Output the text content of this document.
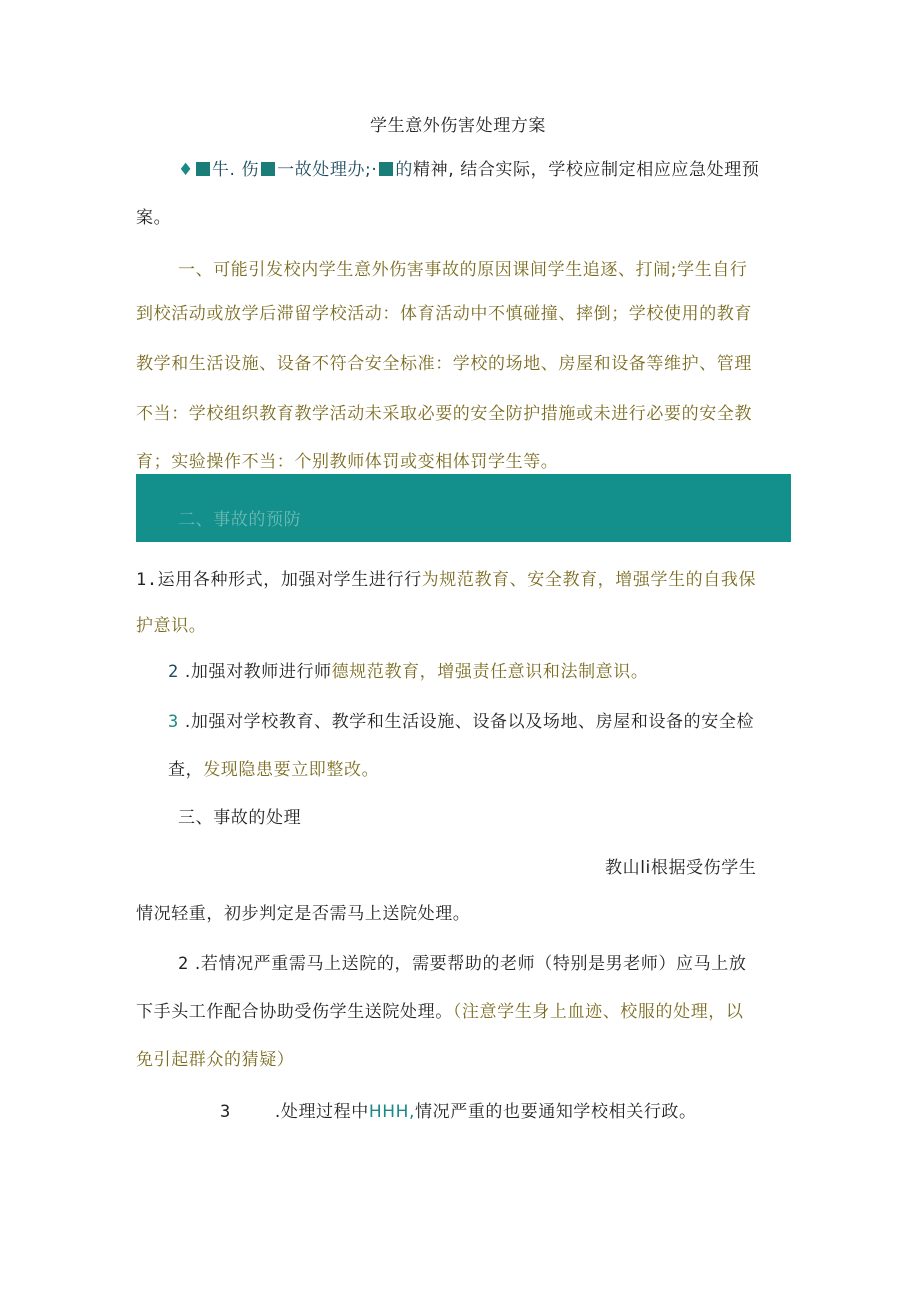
学生意外伤害处理方案
♦ 牛. 伤 一故处理办;· 的精神, 结合实际，学校应制定相应应急处理预
案。
一、可能引发校内学生意外伤害事故的原因课间学生追逐、打闹;学生自行
到校活动或放学后滞留学校活动：体育活动中不慎碰撞、摔倒；学校使用的教育
教学和生活设施、设备不符合安全标准：学校的场地、房屋和设备等维护、管理
不当：学校组织教育教学活动未采取必要的安全防护措施或未进行必要的安全教
育；实验操作不当：个别教师体罚或变相体罚学生等。
二、事故的预防
1.运用各种形式，加强对学生进行行为规范教育、安全教育，增强学生的自我保
护意识。
2 .加强对教师进行师德规范教育，增强责任意识和法制意识。
3 .加强对学校教育、教学和生活设施、设备以及场地、房屋和设备的安全检
查，发现隐患要立即整改。
三、事故的处理
教山li根据受伤学生
情况轻重，初步判定是否需马上送院处理。
2 .若情况严重需马上送院的，需要帮助的老师（特别是男老师）应马上放
下手头工作配合协助受伤学生送院处理。（注意学生身上血迹、校服的处理，以
免引起群众的猜疑）
3	.处理过程中HHH,情况严重的也要通知学校相关行政。
